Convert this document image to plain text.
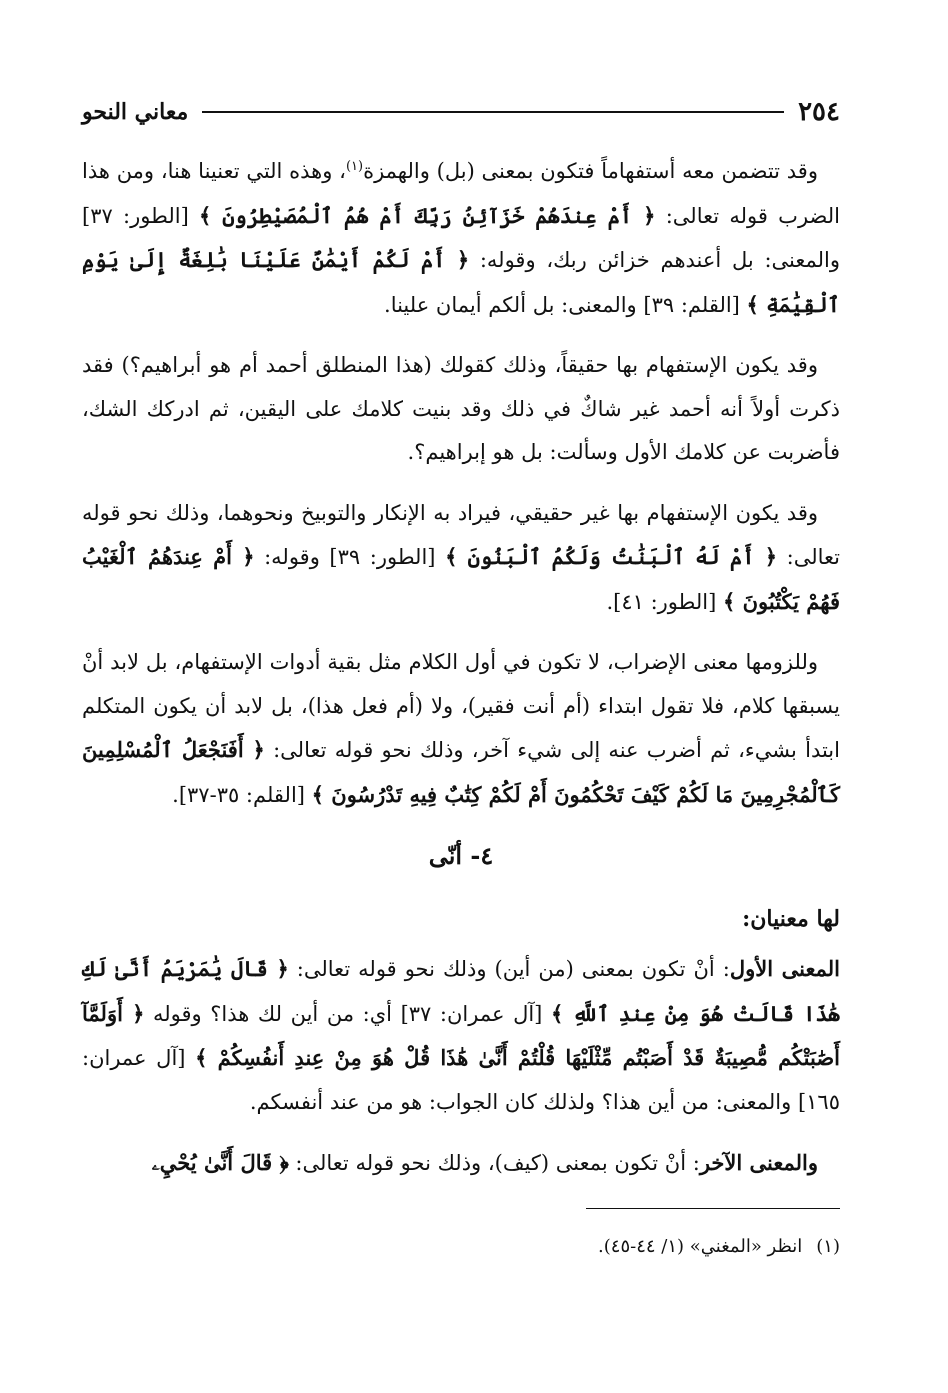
٢٥٤
معاني النحو

وقد تتضمن معه أستفهاماً فتكون بمعنى (بل) والهمزة$^{(١)}$، وهذه التي تعنينا هنا، ومن هذا الضرب قوله تعالى: ﴿ أَمْ عِندَهُمْ خَزَآئِنُ رَبِّكَ أَمْ هُمُ ٱلْمُصَيْطِرُونَ ﴾ [الطور: ٣٧] والمعنى: بل أعندهم خزائن ربك، وقوله: ﴿ أَمْ لَكُمْ أَيْمَٰنٌ عَلَيْنَا بَٰلِغَةٌ إِلَىٰ يَوْمِ ٱلْقِيَٰمَةِ ﴾ [القلم: ٣٩] والمعنى: بل ألكم أيمان علينا.

وقد يكون الإستفهام بها حقيقاً، وذلك كقولك (هذا المنطلق أحمد أم هو أبراهيم؟) فقد ذكرت أولاً أنه أحمد غير شاكٌ في ذلك وقد بنيت كلامك على اليقين، ثم ادركك الشك، فأضربت عن كلامك الأول وسألت: بل هو إبراهيم؟.

وقد يكون الإستفهام بها غير حقيقي، فيراد به الإنكار والتوبيخ ونحوهما، وذلك نحو قوله تعالى: ﴿ أَمْ لَهُ ٱلْبَنَٰتُ وَلَكُمُ ٱلْبَنُونَ ﴾ [الطور: ٣٩] وقوله: ﴿ أَمْ عِندَهُمُ ٱلْغَيْبُ فَهُمْ يَكْتُبُونَ ﴾ [الطور: ٤١].

وللزومها معنى الإضراب، لا تكون في أول الكلام مثل بقية أدوات الإستفهام، بل لابد أنْ يسبقها كلام، فلا تقول ابتداء (أم أنت فقير)، ولا (أم فعل هذا)، بل لابد أن يكون المتكلم ابتدأ بشيء، ثم أضرب عنه إلى شيء آخر، وذلك نحو قوله تعالى: ﴿ أَفَنَجْعَلُ ٱلْمُسْلِمِينَ كَٱلْمُجْرِمِينَ مَا لَكُمْ كَيْفَ تَحْكُمُونَ أَمْ لَكُمْ كِتَٰبٌ فِيهِ تَدْرُسُونَ ﴾ [القلم: ٣٥-٣٧].

٤- أنّى

لها معنيان:

المعنى الأول: أنْ تكون بمعنى (من أين) وذلك نحو قوله تعالى: ﴿ قَالَ يَٰمَرْيَمُ أَنَّىٰ لَكِ هَٰذَا قَالَتْ هُوَ مِنْ عِندِ ٱللَّهِ ﴾ [آل عمران: ٣٧] أي: من أين لك هذا؟ وقوله ﴿ أَوَلَمَّآ أَصَٰبَتْكُم مُّصِيبَةٌ قَدْ أَصَبْتُم مِّثْلَيْهَا قُلْتُمْ أَنَّىٰ هَٰذَا قُلْ هُوَ مِنْ عِندِ أَنفُسِكُمْ ﴾ [آل عمران: ١٦٥] والمعنى: من أين هذا؟ ولذلك كان الجواب: هو من عند أنفسكم.

والمعنى الآخر: أنْ تكون بمعنى (كيف)، وذلك نحو قوله تعالى: ﴿ قَالَ أَنَّىٰ يُحْيِۦ

(١)انظر «المغني» (١/ ٤٤-٤٥).
